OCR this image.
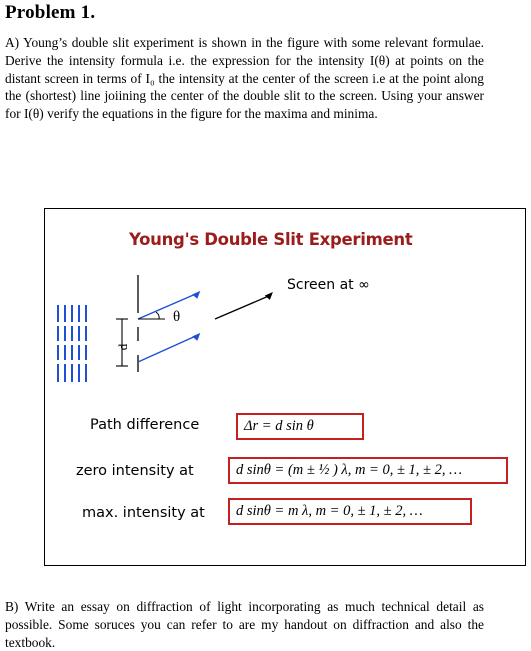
Problem 1.
A) Young’s double slit experiment is shown in the figure with some relevant formulae. Derive the intensity formula i.e. the expression for the intensity I(θ) at points on the distant screen in terms of I₀ the intensity at the center of the screen i.e at the point along the (shortest) line joiining the center of the double slit to the screen. Using your answer for I(θ) verify the equations in the figure for the maxima and minima.
Young's Double Slit Experiment
d
θ
Screen at ∞
Path difference	Δr = d sin θ
zero intensity at	d sinθ = (m ± ½ ) λ, m = 0, ± 1, ± 2, …
max. intensity at	d sinθ = m λ, m = 0, ± 1, ± 2, …
B) Write an essay on diffraction of light incorporating as much technical detail as possible. Some soruces you can refer to are my handout on diffraction and also the textbook.
